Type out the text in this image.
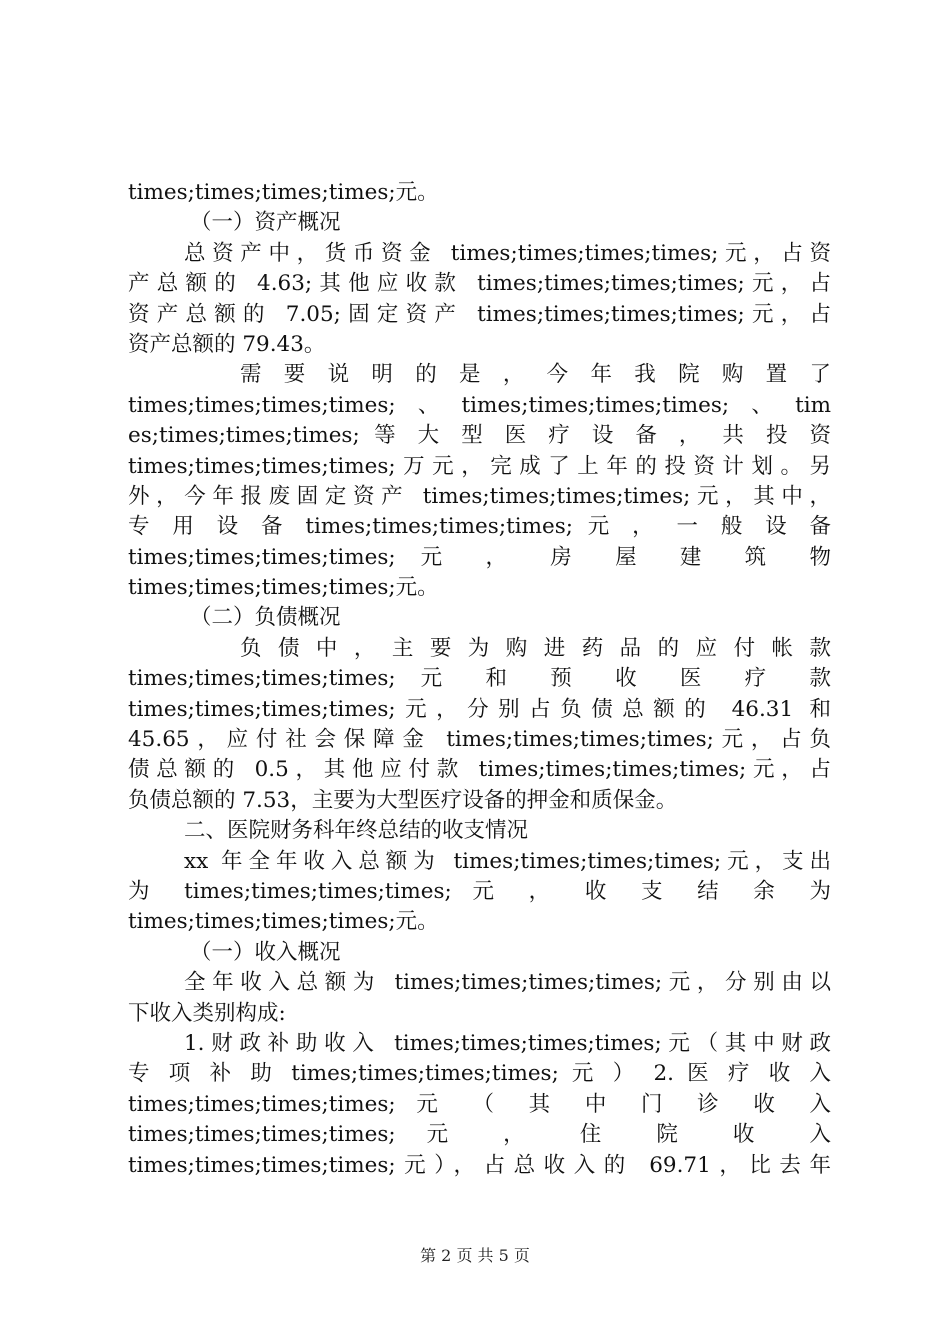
times;times;times;times;元。
（一）资产概况
总资产中，货币资金 times;times;times;times;元，占资
产总额的 4.63;其他应收款 times;times;times;times;元，占
资产总额的 7.05;固定资产 times;times;times;times;元，占
资产总额的 79.43。
需 要 说 明 的 是 ， 今 年 我 院 购 置 了
times;times;times;times;、times;times;times;times;、tim
es;times;times;times; 等 大 型 医 疗 设 备 ， 共 投 资
times;times;times;times;万元，完成了上年的投资计划。另
外，今年报废固定资产 times;times;times;times;元，其中，
专 用 设 备 times;times;times;times; 元 ， 一 般 设 备
times;times;times;times; 元 ， 房 屋 建 筑 物
times;times;times;times;元。
（二）负债概况
负 债 中 ， 主 要 为 购 进 药 品 的 应 付 帐 款
times;times;times;times; 元 和 预 收 医 疗 款
times;times;times;times;元，分别占负债总额的 46.31 和
45.65，应付社会保障金 times;times;times;times;元，占负
债总额的 0.5，其他应付款 times;times;times;times;元，占
负债总额的 7.53，主要为大型医疗设备的押金和质保金。
二、医院财务科年终总结的收支情况
xx 年全年收入总额为 times;times;times;times;元，支出
为 times;times;times;times; 元 ， 收 支 结 余 为
times;times;times;times;元。
（一）收入概况
全年收入总额为 times;times;times;times;元，分别由以
下收入类别构成:
1.财政补助收入 times;times;times;times;元（其中财政
专 项 补 助 times;times;times;times; 元 ） 2. 医 疗 收 入
times;times;times;times; 元 （ 其 中 门 诊 收 入
times;times;times;times; 元 ， 住 院 收 入
times;times;times;times;元），占总收入的 69.71，比去年
第 2 页 共 5 页
